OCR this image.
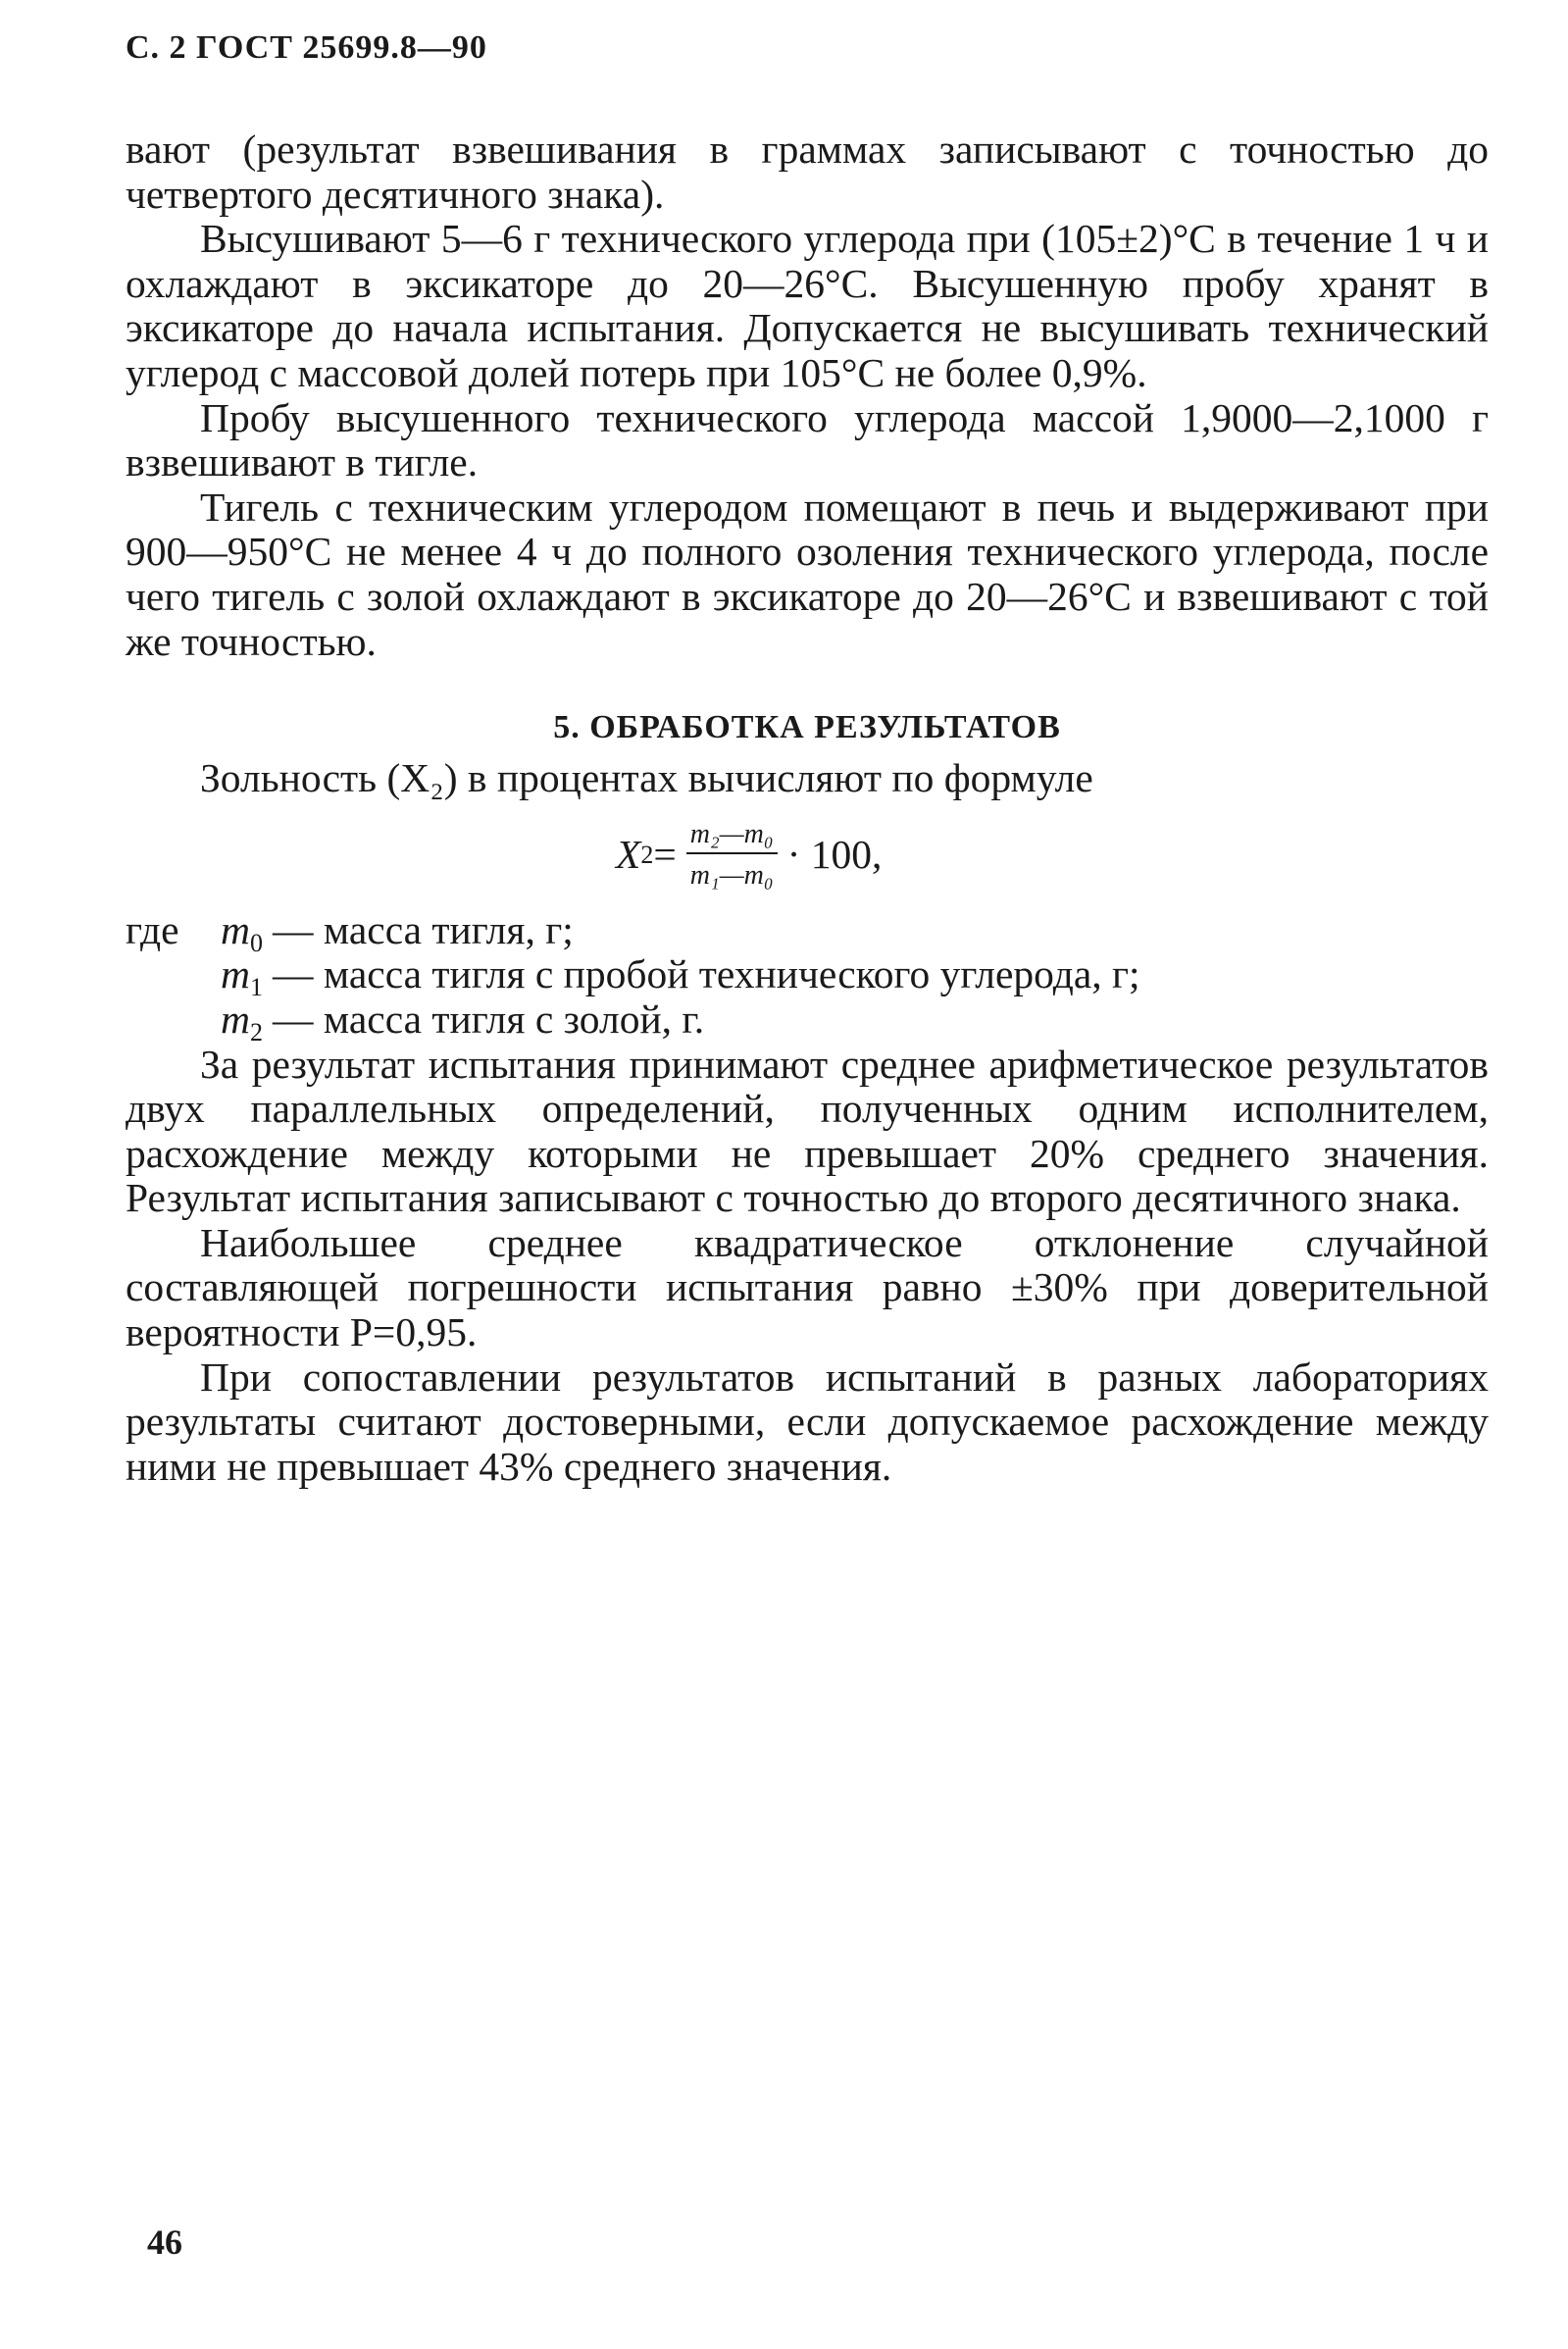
С. 2 ГОСТ 25699.8—90

вают (результат взвешивания в граммах записывают с точностью до четвертого десятичного знака).

Высушивают 5—6 г технического углерода при (105±2)°С в течение 1 ч и охлаждают в эксикаторе до 20—26°С. Высушенную пробу хранят в эксикаторе до начала испытания. Допускается не высушивать технический углерод с массовой долей потерь при 105°С не более 0,9%.

Пробу высушенного технического углерода массой 1,9000—2,1000 г взвешивают в тигле.

Тигель с техническим углеродом помещают в печь и выдерживают при 900—950°С не менее 4 ч до полного озоления технического углерода, после чего тигель с золой охлаждают в эксикаторе до 20—26°С и взвешивают с той же точностью.

5. ОБРАБОТКА РЕЗУЛЬТАТОВ

Зольность (X₂) в процентах вычисляют по формуле

X $2 = \frac{\text{m₂—m₀}}{\text{m₁—m₀}} \cdot 100$,
где	$m_0$ — масса тигля, г;
$m_1$ — масса тигля с пробой технического углерода, г;
$m_2$ — масса тигля с золой, г.

За результат испытания принимают среднее арифметическое результатов двух параллельных определений, полученных одним исполнителем, расхождение между которыми не превышает 20% среднего значения. Результат испытания записывают с точностью до второго десятичного знака.

Наибольшее среднее квадратическое отклонение случайной составляющей погрешности испытания равно ±30% при доверительной вероятности P=0,95.

При сопоставлении результатов испытаний в разных лабораториях результаты считают достоверными, если допускаемое расхождение между ними не превышает 43% среднего значения.

46
